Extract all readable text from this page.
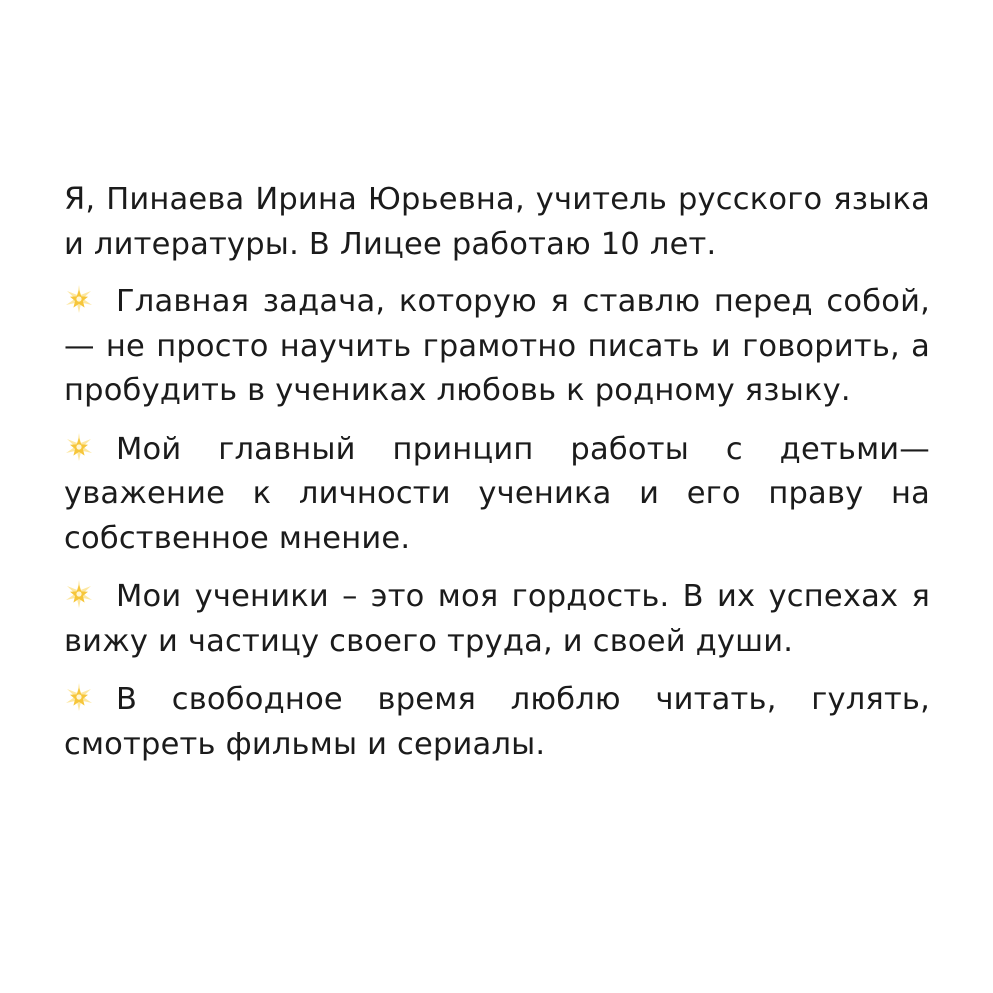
Я, Пинаева Ирина Юрьевна, учитель русского языка и литературы. В Лицее работаю 10 лет.

Главная задача, которую я ставлю перед собой, — не просто научить грамотно писать и говорить, а пробудить в учениках любовь к родному языку.

Мой главный принцип работы с детьми— уважение к личности ученика и его праву на собственное мнение.

Мои ученики – это моя гордость. В их успехах я вижу и частицу своего труда, и своей души.

В свободное время люблю читать, гулять, смотреть фильмы и сериалы.
